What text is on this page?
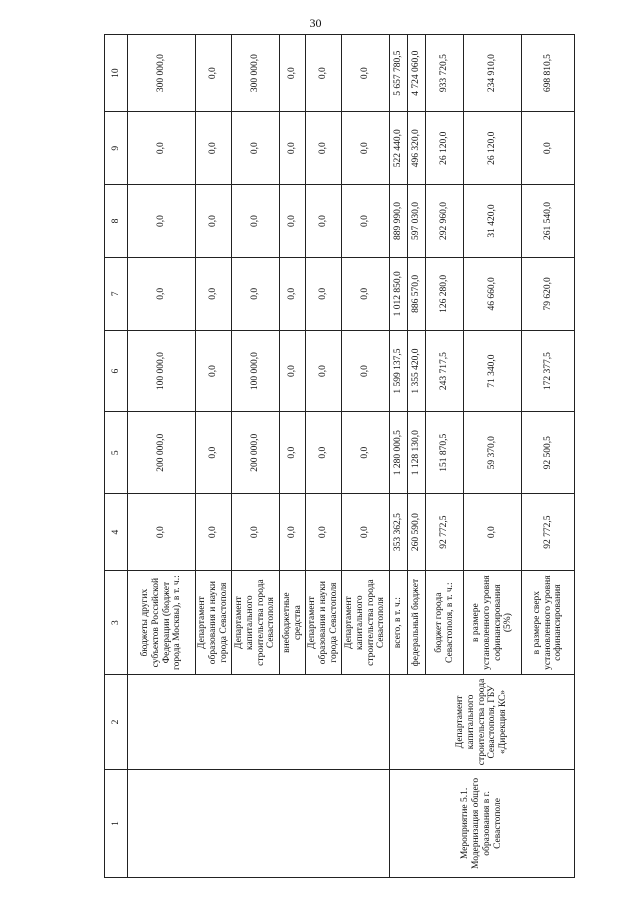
30
1	2	3	4	5	6	7	8	9	10
		бюджеты других субъектов Российской Федерации (бюджет города Москвы), в т. ч.:	0,0	200 000,0	100 000,0	0,0	0,0	0,0	300 000,0
		Департамент образования и науки города Севастополя	0,0	0,0	0,0	0,0	0,0	0,0	0,0
		Департамент капитального строительства города Севастополя	0,0	200 000,0	100 000,0	0,0	0,0	0,0	300 000,0
		внебюджетные средства	0,0	0,0	0,0	0,0	0,0	0,0	0,0
		Департамент образования и науки города Севастополя	0,0	0,0	0,0	0,0	0,0	0,0	0,0
		Департамент капитального строительства города Севастополя	0,0	0,0	0,0	0,0	0,0	0,0	0,0
Мероприятие 5.1. Модернизация общего образования в г. Севастополе	Департамент капитального строительства города Севастополя, ГБУ «Дирекция КС»	всего, в т. ч.:	353 362,5	1 280 000,5	1 599 137,5	1 012 850,0	889 990,0	522 440,0	5 657 780,5
		федеральный бюджет	260 590,0	1 128 130,0	1 355 420,0	886 570,0	597 030,0	496 320,0	4 724 060,0
		бюджет города Севастополя, в т. ч.:	92 772,5	151 870,5	243 717,5	126 280,0	292 960,0	26 120,0	933 720,5
		в размере установленного уровня софинансирования (5%)	0,0	59 370,0	71 340,0	46 660,0	31 420,0	26 120,0	234 910,0
		в размере сверх установленного уровня софинансирования	92 772,5	92 500,5	172 377,5	79 620,0	261 540,0	0,0	698 810,5
